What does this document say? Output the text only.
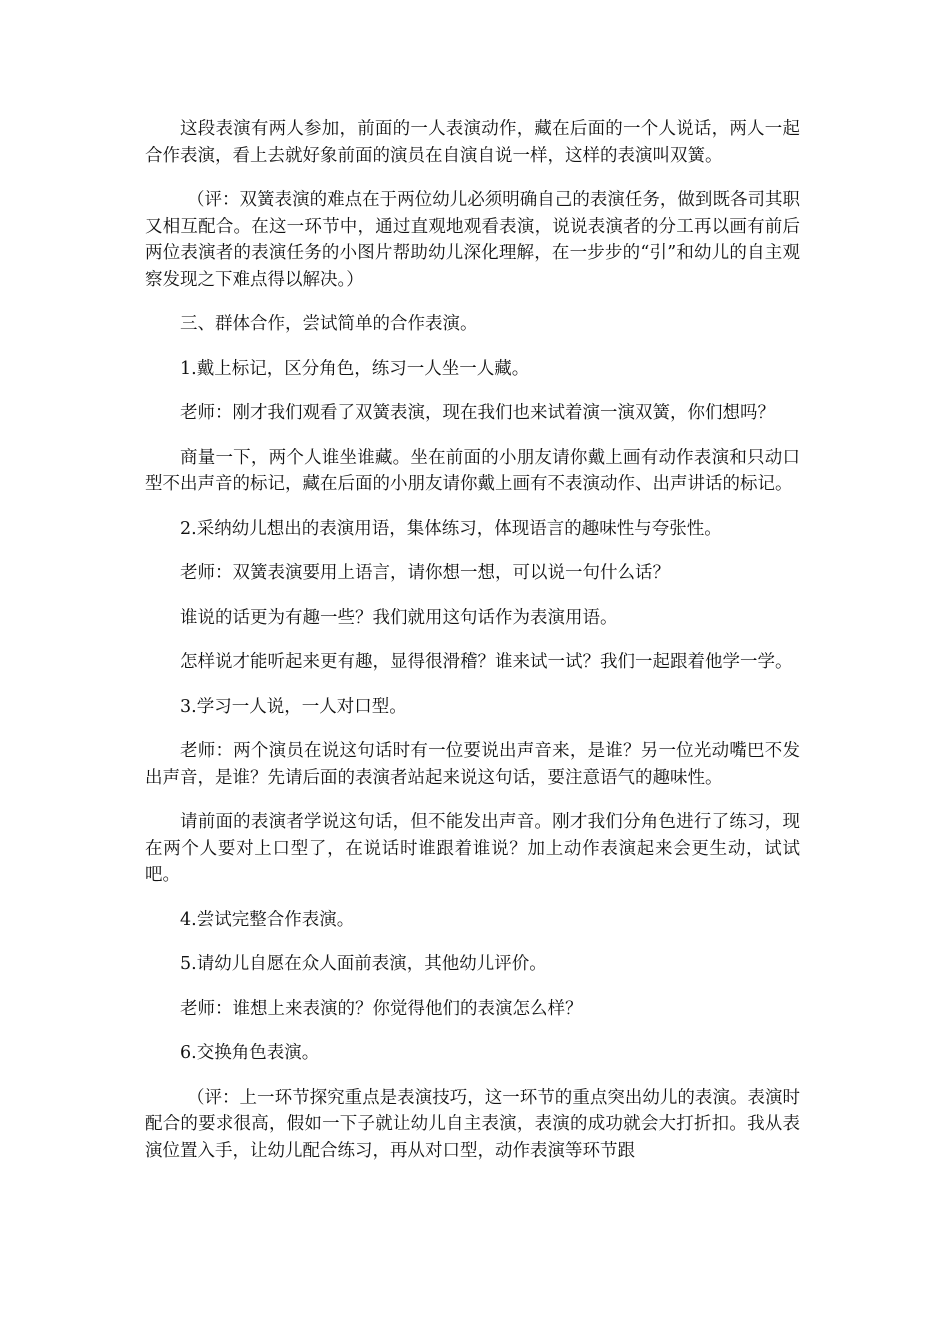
这段表演有两人参加，前面的一人表演动作，藏在后面的一个人说话，两人一起合作表演，看上去就好象前面的演员在自演自说一样，这样的表演叫双簧。

（评：双簧表演的难点在于两位幼儿必须明确自己的表演任务，做到既各司其职又相互配合。在这一环节中，通过直观地观看表演，说说表演者的分工再以画有前后两位表演者的表演任务的小图片帮助幼儿深化理解，在一步步的“引”和幼儿的自主观察发现之下难点得以解决。）

三、群体合作，尝试简单的合作表演。

1.戴上标记，区分角色，练习一人坐一人藏。

老师：刚才我们观看了双簧表演，现在我们也来试着演一演双簧，你们想吗？

商量一下，两个人谁坐谁藏。坐在前面的小朋友请你戴上画有动作表演和只动口型不出声音的标记，藏在后面的小朋友请你戴上画有不表演动作、出声讲话的标记。

2.采纳幼儿想出的表演用语，集体练习，体现语言的趣味性与夸张性。

老师：双簧表演要用上语言，请你想一想，可以说一句什么话？

谁说的话更为有趣一些？我们就用这句话作为表演用语。

怎样说才能听起来更有趣，显得很滑稽？谁来试一试？我们一起跟着他学一学。

3.学习一人说，一人对口型。

老师：两个演员在说这句话时有一位要说出声音来，是谁？另一位光动嘴巴不发出声音，是谁？先请后面的表演者站起来说这句话，要注意语气的趣味性。

请前面的表演者学说这句话，但不能发出声音。刚才我们分角色进行了练习，现在两个人要对上口型了，在说话时谁跟着谁说？加上动作表演起来会更生动，试试吧。

4.尝试完整合作表演。

5.请幼儿自愿在众人面前表演，其他幼儿评价。

老师：谁想上来表演的？你觉得他们的表演怎么样？

6.交换角色表演。

（评：上一环节探究重点是表演技巧，这一环节的重点突出幼儿的表演。表演时配合的要求很高，假如一下子就让幼儿自主表演，表演的成功就会大打折扣。我从表演位置入手，让幼儿配合练习，再从对口型，动作表演等环节跟
